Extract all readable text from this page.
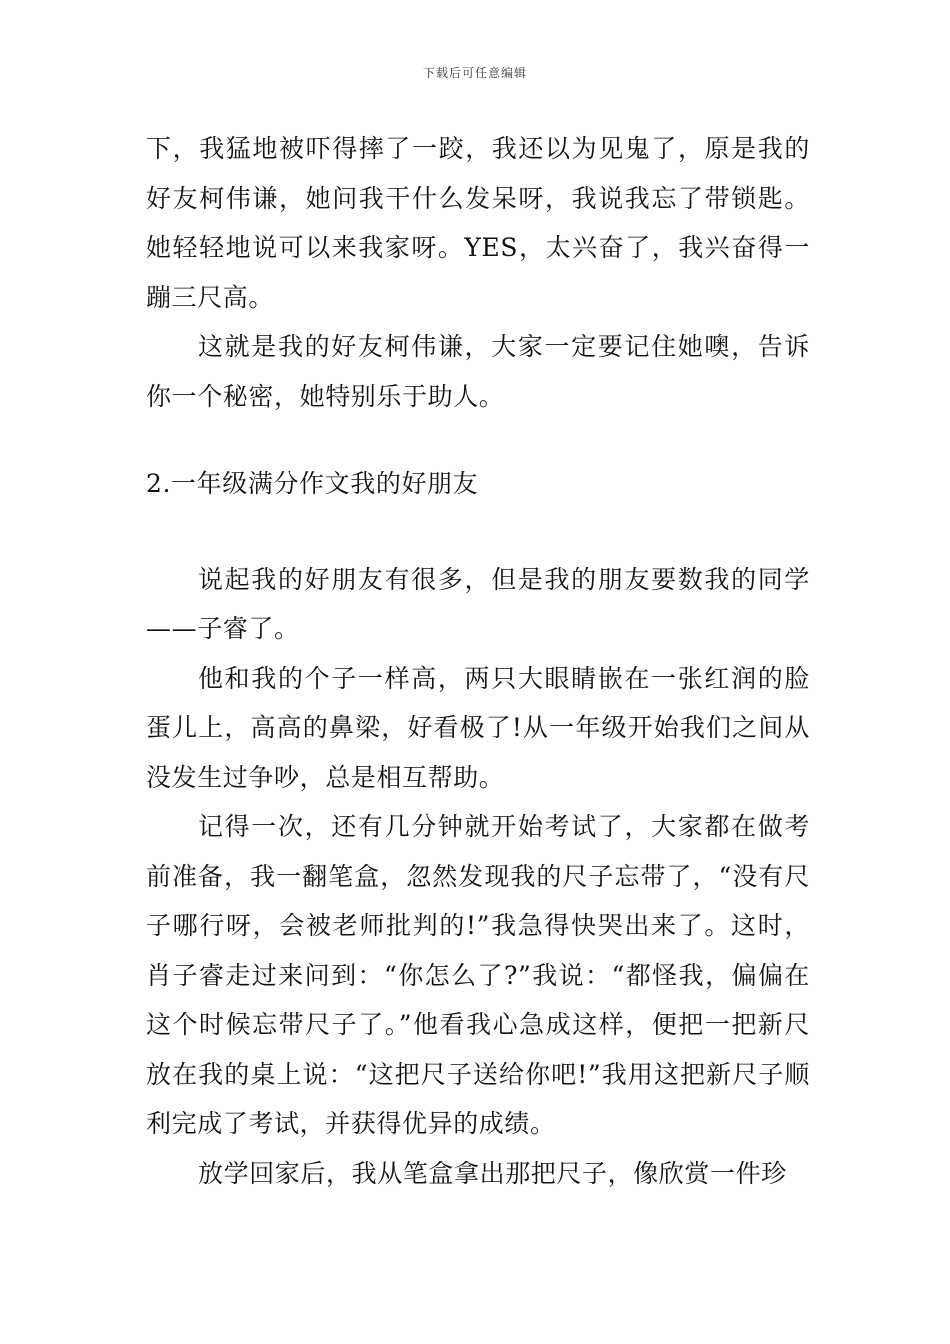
下载后可任意编辑

下，我猛地被吓得摔了一跤，我还以为见鬼了，原是我的好友柯伟谦，她问我干什么发呆呀，我说我忘了带锁匙。她轻轻地说可以来我家呀。YES，太兴奋了，我兴奋得一蹦三尺高。

这就是我的好友柯伟谦，大家一定要记住她噢，告诉你一个秘密，她特别乐于助人。

2.一年级满分作文我的好朋友

说起我的好朋友有很多，但是我的朋友要数我的同学——子睿了。

他和我的个子一样高，两只大眼睛嵌在一张红润的脸蛋儿上，高高的鼻梁，好看极了!从一年级开始我们之间从没发生过争吵，总是相互帮助。

记得一次，还有几分钟就开始考试了，大家都在做考前准备，我一翻笔盒，忽然发现我的尺子忘带了，“没有尺子哪行呀，会被老师批判的!”我急得快哭出来了。这时，肖子睿走过来问到：“你怎么了?”我说：“都怪我，偏偏在这个时候忘带尺子了。”他看我心急成这样，便把一把新尺放在我的桌上说：“这把尺子送给你吧!”我用这把新尺子顺利完成了考试，并获得优异的成绩。

放学回家后，我从笔盒拿出那把尺子，像欣赏一件珍
